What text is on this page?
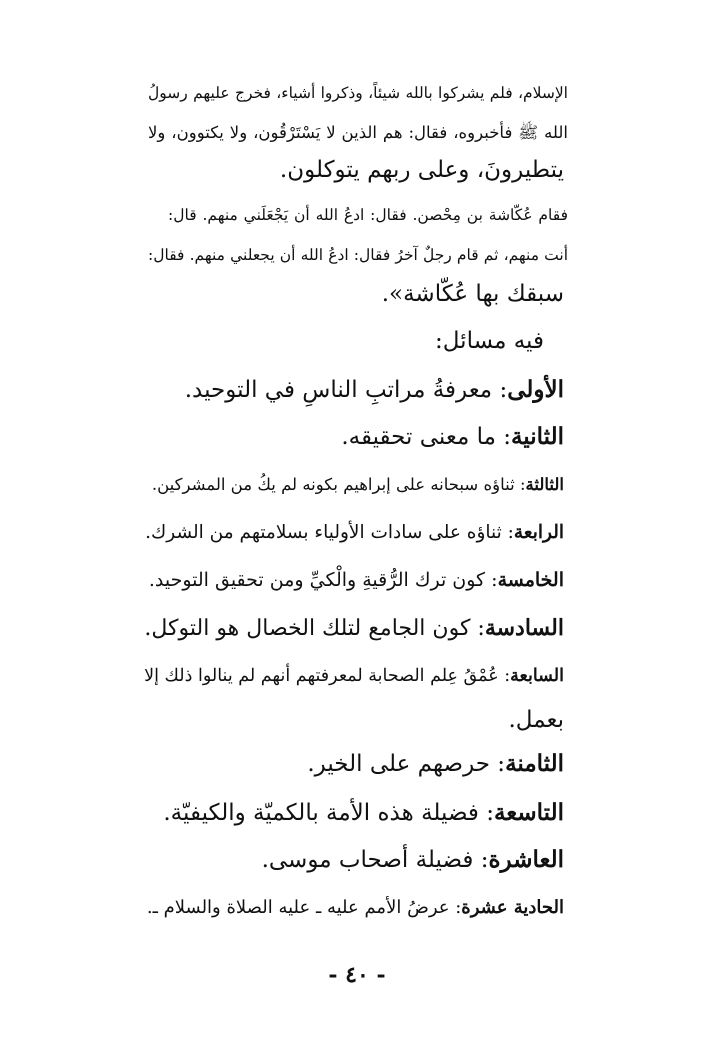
الإسلام، فلم يشركوا بالله شيئاً، وذكروا أشياء، فخرج عليهم رسولُ
الله ﷺ فأخبروه، فقال: هم الذين لا يَسْتَرْقُون، ولا يكتوون، ولا
يتطيرونَ، وعلى ربهم يتوكلون.
فقام عُكّاشة بن مِحْصن. فقال: ادعُ الله أن يَجْعَلَني منهم. قال:
أنت منهم، ثم قام رجلٌ آخرُ فقال: ادعُ الله أن يجعلني منهم. فقال:
سبقك بها عُكّاشة».
فيه مسائل:
الأولى: معرفةُ مراتبِ الناسِ في التوحيد.
الثانية: ما معنى تحقيقه.
الثالثة: ثناؤه سبحانه على إبراهيم بكونه لم يكُ من المشركين.
الرابعة: ثناؤه على سادات الأولياء بسلامتهم من الشرك.
الخامسة: كون ترك الرُّقيةِ والْكيِّ ومن تحقيق التوحيد.
السادسة: كون الجامع لتلك الخصال هو التوكل.
السابعة: عُمْقُ عِلم الصحابة لمعرفتهم أنهم لم ينالوا ذلك إلا
بعمل.
الثامنة: حرصهم على الخير.
التاسعة: فضيلة هذه الأمة بالكميّة والكيفيّة.
العاشرة: فضيلة أصحاب موسى.
الحادية عشرة: عرضُ الأمم عليه ـ عليه الصلاة والسلام ـ.
- ٤٠ -
